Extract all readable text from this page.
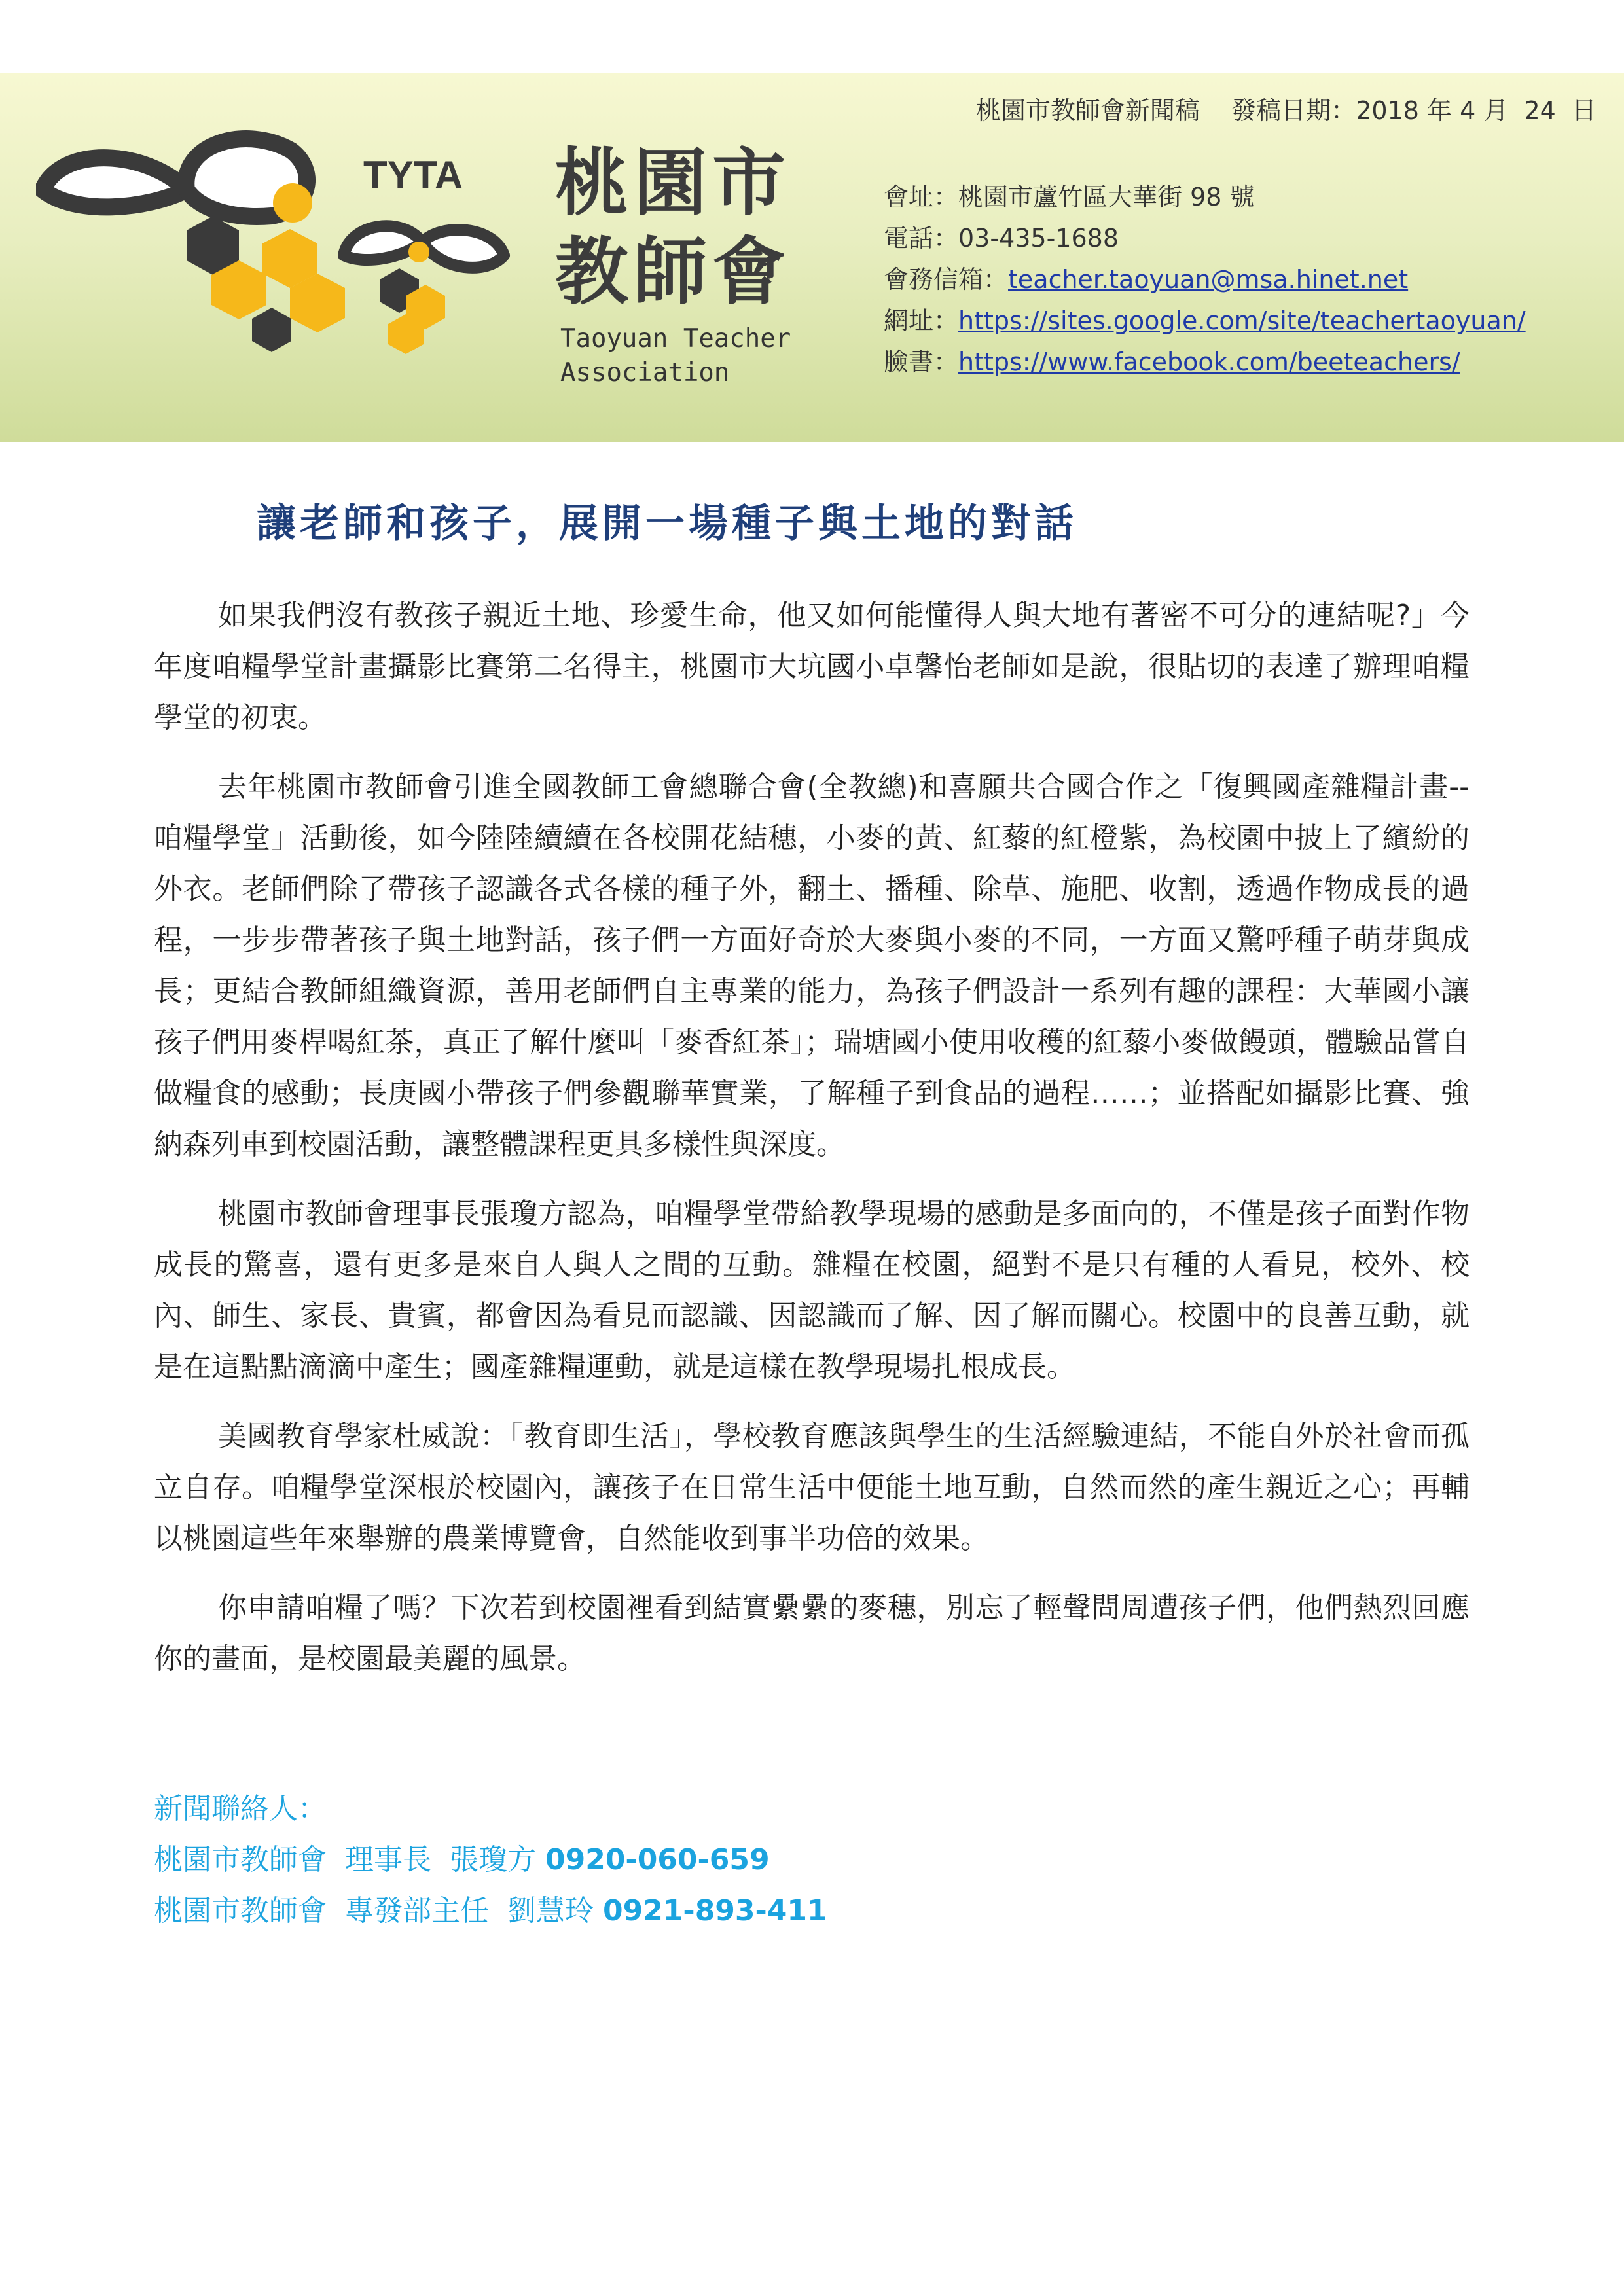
桃園市教師會新聞稿    發稿日期：2018 年 4 月  24  日
TYTA 桃園市
教師會
Taoyuan Teacher
Association
會址：桃園市蘆竹區大華街 98 號
電話：03-435-1688
會務信箱：teacher.taoyuan@msa.hinet.net
網址：https://sites.google.com/site/teachertaoyuan/
臉書：https://www.facebook.com/beeteachers/
讓老師和孩子，展開一場種子與土地的對話

如果我們沒有教孩子親近土地、珍愛生命，他又如何能懂得人與大地有著密不可分的連結呢?」今年度咱糧學堂計畫攝影比賽第二名得主，桃園市大坑國小卓馨怡老師如是說，很貼切的表達了辦理咱糧學堂的初衷。

去年桃園市教師會引進全國教師工會總聯合會(全教總)和喜願共合國合作之「復興國產雜糧計畫--咱糧學堂」活動後，如今陸陸續續在各校開花結穗，小麥的黃、紅藜的紅橙紫，為校園中披上了繽紛的外衣。老師們除了帶孩子認識各式各樣的種子外，翻土、播種、除草、施肥、收割，透過作物成長的過程，一步步帶著孩子與土地對話，孩子們一方面好奇於大麥與小麥的不同，一方面又驚呼種子萌芽與成長；更結合教師組織資源，善用老師們自主專業的能力，為孩子們設計一系列有趣的課程：大華國小讓孩子們用麥桿喝紅茶，真正了解什麼叫「麥香紅茶」；瑞塘國小使用收穫的紅藜小麥做饅頭，體驗品嘗自做糧食的感動；長庚國小帶孩子們參觀聯華實業，了解種子到食品的過程……；並搭配如攝影比賽、強納森列車到校園活動，讓整體課程更具多樣性與深度。

桃園市教師會理事長張瓊方認為，咱糧學堂帶給教學現場的感動是多面向的，不僅是孩子面對作物成長的驚喜，還有更多是來自人與人之間的互動。雜糧在校園，絕對不是只有種的人看見，校外、校內、師生、家長、貴賓，都會因為看見而認識、因認識而了解、因了解而關心。校園中的良善互動，就是在這點點滴滴中產生；國產雜糧運動，就是這樣在教學現場扎根成長。

美國教育學家杜威說：「教育即生活」，學校教育應該與學生的生活經驗連結，不能自外於社會而孤立自存。咱糧學堂深根於校園內，讓孩子在日常生活中便能土地互動，自然而然的產生親近之心；再輔以桃園這些年來舉辦的農業博覽會，自然能收到事半功倍的效果。

你申請咱糧了嗎？下次若到校園裡看到結實纍纍的麥穗，別忘了輕聲問周遭孩子們，他們熱烈回應你的畫面，是校園最美麗的風景。

新聞聯絡人：
桃園市教師會 理事長 張瓊方 0920-060-659
桃園市教師會 專發部主任 劉慧玲 0921-893-411
